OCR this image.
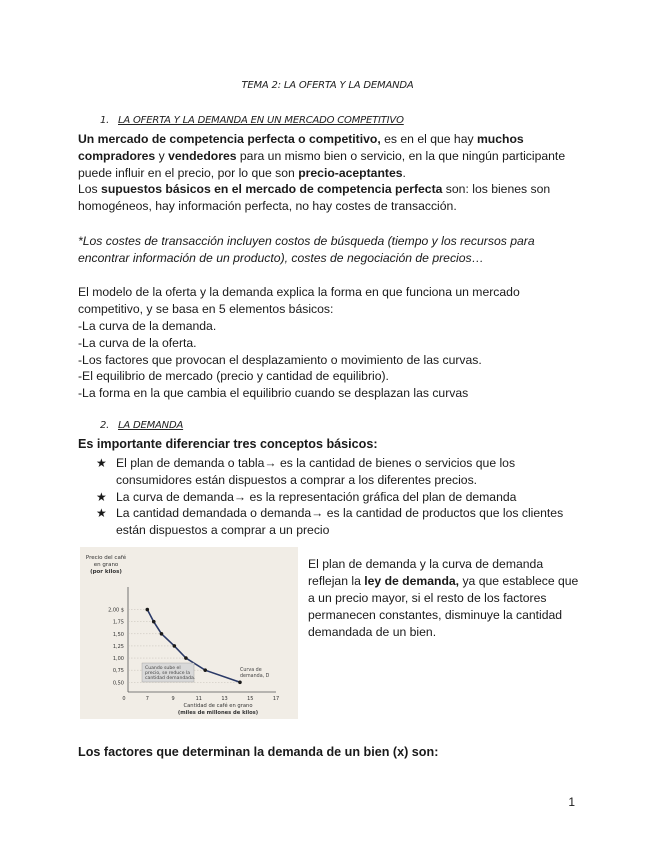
TEMA 2: LA OFERTA Y LA DEMANDA
1. LA OFERTA Y LA DEMANDA EN UN MERCADO COMPETITIVO

Un mercado de competencia perfecta o competitivo, es en el que hay muchos compradores y vendedores para un mismo bien o servicio, en la que ningún participante puede influir en el precio, por lo que son precio-aceptantes.

Los supuestos básicos en el mercado de competencia perfecta son: los bienes son homogéneos, hay información perfecta, no hay costes de transacción.

*Los costes de transacción incluyen costos de búsqueda (tiempo y los recursos para encontrar información de un producto), costes de negociación de precios…
El modelo de la oferta y la demanda explica la forma en que funciona un mercado competitivo, y se basa en 5 elementos básicos:

-La curva de la demanda.

-La curva de la oferta.

-Los factores que provocan el desplazamiento o movimiento de las curvas.

-El equilibrio de mercado (precio y cantidad de equilibrio).

-La forma en la que cambia el equilibrio cuando se desplazan las curvas

2. LA DEMANDA
Es importante diferenciar tres conceptos básicos:
★ El plan de demanda o tabla→ es la cantidad de bienes o servicios que los consumidores están dispuestos a comprar a los diferentes precios.
★ La curva de demanda→ es la representación gráfica del plan de demanda
★ La cantidad demandada o demanda→ es la cantidad de productos que los clientes están dispuestos a comprar a un precio
Precio del café
en grano
(por kilos)
2,00 $
1,75
1,50
1,25
1,00
0,75
0,50
0	7	9	11	13	15	17
Cuando sube el
precio, se reduce la
cantidad demandada.
Curva de
demanda, D
Cantidad de café en grano
(miles de millones de kilos)
El plan de demanda y la curva de demanda reflejan la ley de demanda, ya que establece que a un precio mayor, si el resto de los factores permanecen constantes, disminuye la cantidad demandada de un bien.
Los factores que determinan la demanda de un bien (x) son:
1
